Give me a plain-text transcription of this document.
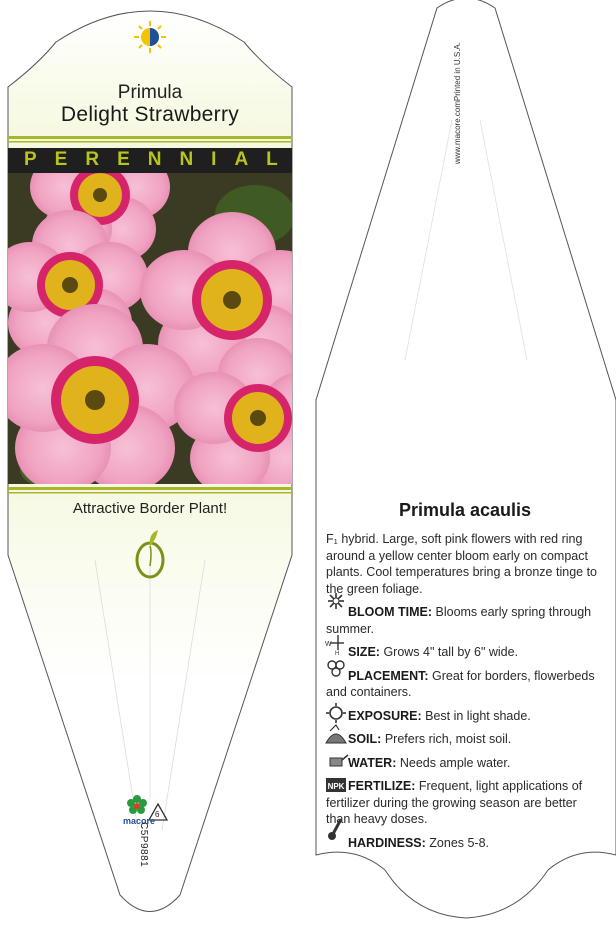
W
H
NPK
Primula
Delight Strawberry
PERENNIAL
Attractive Border Plant!
macore
6
C5P9881
Printed in U.S.A.
www.macore.com
Primula acaulis

F₁ hybrid. Large, soft pink flowers with red ring around a yellow center bloom early on compact plants. Cool temperatures bring a bronze tinge to the green foliage.

BLOOM TIME: Blooms early spring through summer.

SIZE: Grows 4" tall by 6" wide.

PLACEMENT: Great for borders, flowerbeds and containers.

EXPOSURE: Best in light shade.

SOIL: Prefers rich, moist soil.

WATER: Needs ample water.

FERTILIZE: Frequent, light applications of fertilizer during the growing season are better than heavy doses.

HARDINESS: Zones 5-8.
